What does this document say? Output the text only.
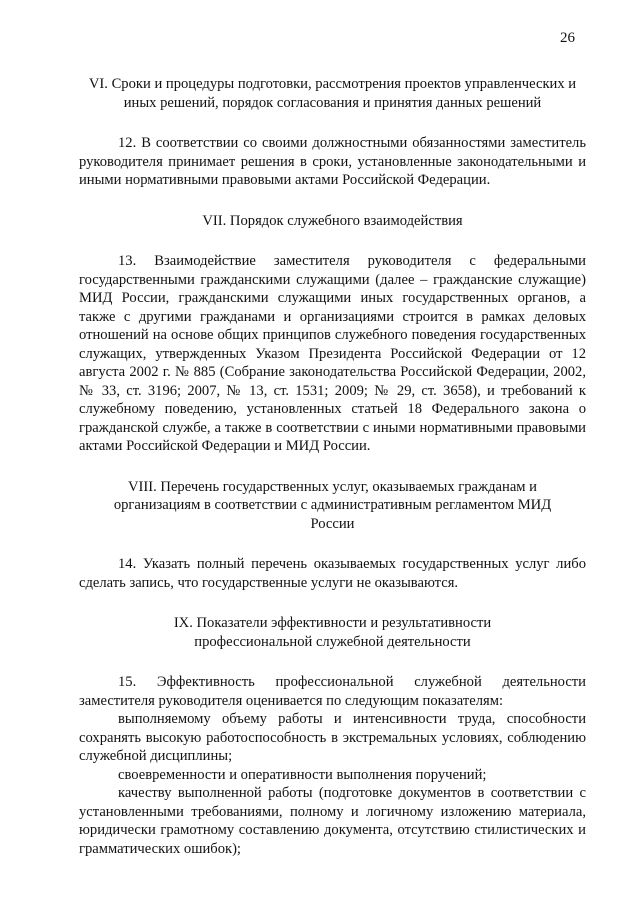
26

VI. Сроки и процедуры подготовки, рассмотрения проектов управленческих и иных решений, порядок согласования и принятия данных решений

12. В соответствии со своими должностными обязанностями заместитель руководителя принимает решения в сроки, установленные законодательными и иными нормативными правовыми актами Российской Федерации.

VII. Порядок служебного взаимодействия

13. Взаимодействие заместителя руководителя с федеральными государственными гражданскими служащими (далее – гражданские служащие) МИД России, гражданскими служащими иных государственных органов, а также с другими гражданами и организациями строится в рамках деловых отношений на основе общих принципов служебного поведения государственных служащих, утвержденных Указом Президента Российской Федерации от 12 августа 2002 г. № 885 (Собрание законодательства Российской Федерации, 2002, № 33, ст. 3196; 2007, № 13, ст. 1531; 2009; № 29, ст. 3658), и требований к служебному поведению, установленных статьей 18 Федерального закона о гражданской службе, а также в соответствии с иными нормативными правовыми актами Российской Федерации и МИД России.

VIII. Перечень государственных услуг, оказываемых гражданам и организациям в соответствии с административным регламентом МИД России

14. Указать полный перечень оказываемых государственных услуг либо сделать запись, что государственные услуги не оказываются.

IX. Показатели эффективности и результативности профессиональной служебной деятельности

15. Эффективность профессиональной служебной деятельности заместителя руководителя оценивается по следующим показателям:

выполняемому объему работы и интенсивности труда, способности сохранять высокую работоспособность в экстремальных условиях, соблюдению служебной дисциплины;

своевременности и оперативности выполнения поручений;

качеству выполненной работы (подготовке документов в соответствии с установленными требованиями, полному и логичному изложению материала, юридически грамотному составлению документа, отсутствию стилистических и грамматических ошибок);
